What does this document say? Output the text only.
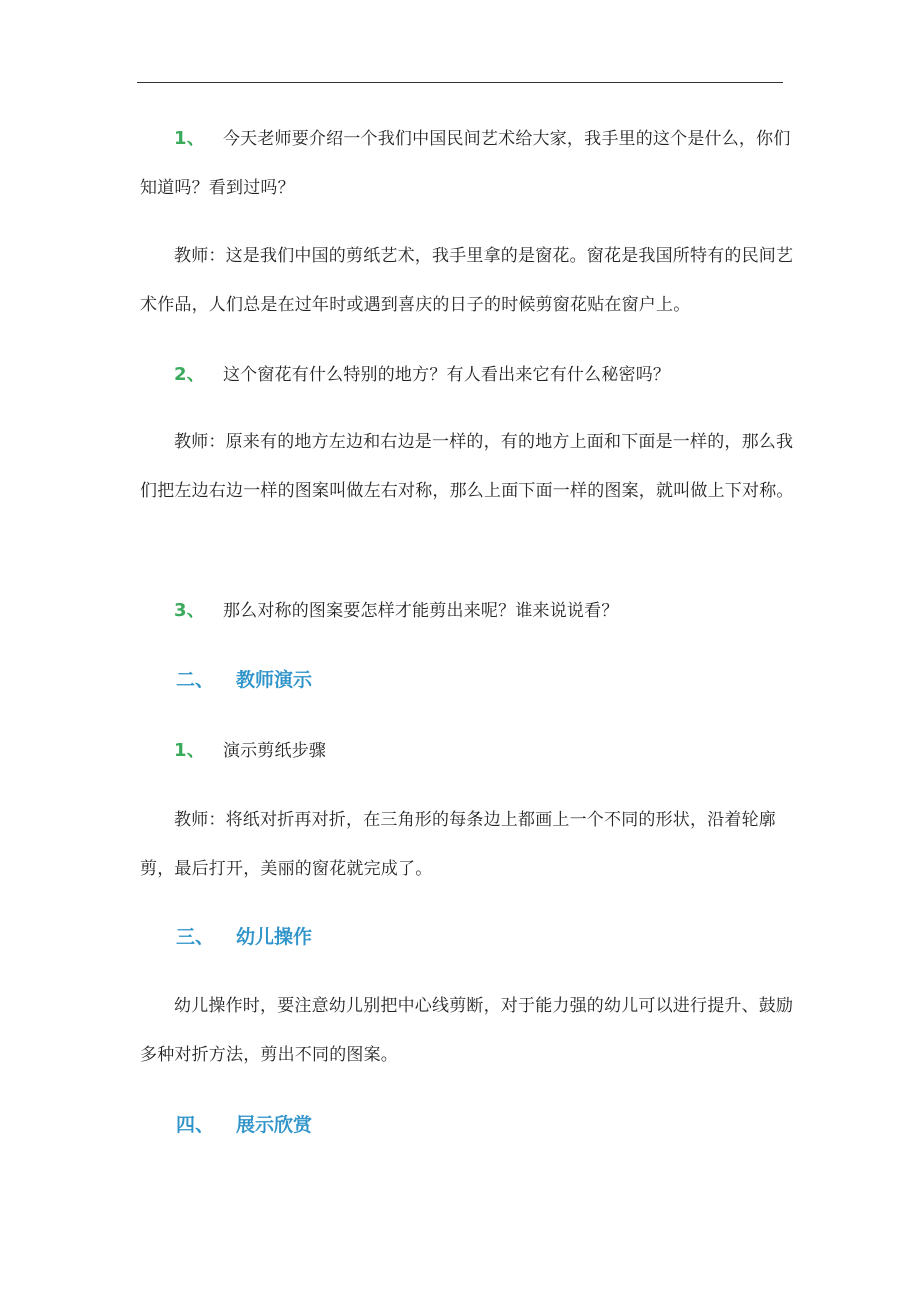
1、 今天老师要介绍一个我们中国民间艺术给大家，我手里的这个是什么，你们知道吗？看到过吗？
教师：这是我们中国的剪纸艺术，我手里拿的是窗花。窗花是我国所特有的民间艺术作品，人们总是在过年时或遇到喜庆的日子的时候剪窗花贴在窗户上。
2、 这个窗花有什么特别的地方？有人看出来它有什么秘密吗？
教师：原来有的地方左边和右边是一样的，有的地方上面和下面是一样的，那么我们把左边右边一样的图案叫做左右对称，那么上面下面一样的图案，就叫做上下对称。
3、 那么对称的图案要怎样才能剪出来呢？谁来说说看？
二、 教师演示
1、 演示剪纸步骤
教师：将纸对折再对折，在三角形的每条边上都画上一个不同的形状，沿着轮廓剪，最后打开，美丽的窗花就完成了。
三、 幼儿操作
幼儿操作时，要注意幼儿别把中心线剪断，对于能力强的幼儿可以进行提升、鼓励多种对折方法，剪出不同的图案。
四、 展示欣赏
